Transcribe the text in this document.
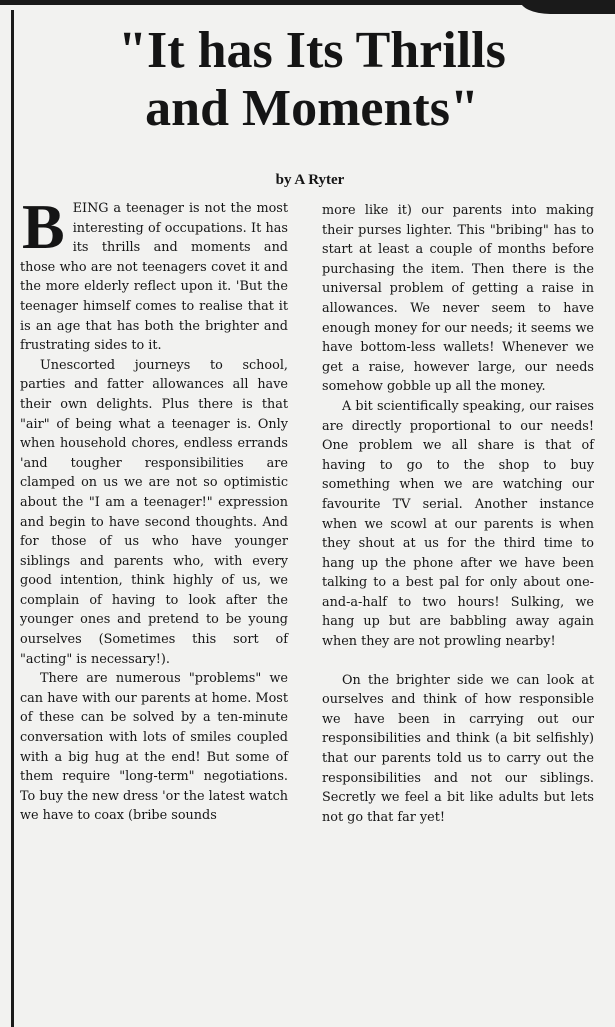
"It has Its Thrills
and Moments"
by A Ryter

BEING a teenager is not the most interesting of occupations. It has its thrills and moments and those who are not teenagers covet it and the more elderly reflect upon it. 'But the teenager himself comes to realise that it is an age that has both the brighter and frustrating sides to it.

Unescorted journeys to school, parties and fatter allowances all have their own delights. Plus there is that "air" of being what a teenager is. Only when household chores, endless errands 'and tougher responsibilities are clamped on us we are not so optimistic about the "I am a teenager!" expression and begin to have second thoughts. And for those of us who have younger siblings and parents who, with every good intention, think highly of us, we complain of having to look after the younger ones and pretend to be young ourselves (Sometimes this sort of "acting" is necessary!).

There are numerous "problems" we can have with our parents at home. Most of these can be solved by a ten-minute conversation with lots of smiles coupled with a big hug at the end! But some of them require "long-term" negotiations. To buy the new dress 'or the latest watch we have to coax (bribe sounds

more like it) our parents into making their purses lighter. This "bribing" has to start at least a couple of months before purchasing the item. Then there is the universal problem of getting a raise in allowances. We never seem to have enough money for our needs; it seems we have bottom-less wallets! Whenever we get a raise, however large, our needs somehow gobble up all the money.

A bit scientifically speaking, our raises are directly proportional to our needs! One problem we all share is that of having to go to the shop to buy something when we are watching our favourite TV serial. Another instance when we scowl at our parents is when they shout at us for the third time to hang up the phone after we have been talking to a best pal for only about one-and-a-half to two hours! Sulking, we hang up but are babbling away again when they are not prowling nearby!

On the brighter side we can look at ourselves and think of how responsible we have been in carrying out our responsibilities and think (a bit selfishly) that our parents told us to carry out the responsibilities and not our siblings. Secretly we feel a bit like adults but lets not go that far yet!
